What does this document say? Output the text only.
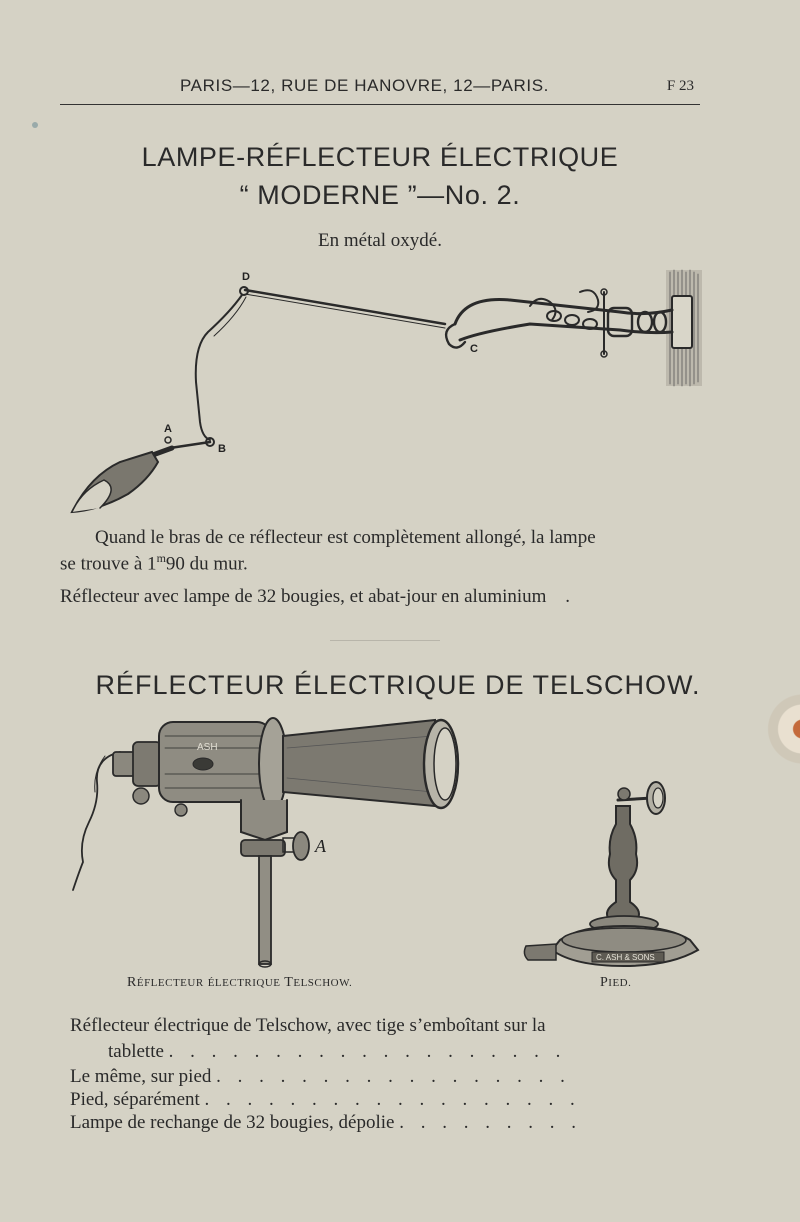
PARIS—12, RUE DE HANOVRE, 12—PARIS.	F 23
LAMPE-RÉFLECTEUR ÉLECTRIQUE
“ MODERNE ”—No. 2.
En métal oxydé.
D
C
A
B
Quand le bras de ce réflecteur est complètement allongé, la lampe
se trouve à 1$^m$90 du mur.
Réflecteur avec lampe de 32 bougies, et abat-jour en aluminium .
RÉFLECTEUR ÉLECTRIQUE DE TELSCHOW.
ASH
A
C. ASH & SONS
RÉFLECTEUR ÉLECTRIQUE TELSCHOW.	PIED.
Réflecteur électrique de Telschow, avec tige s’emboîtant sur la
tablette . . . . . . . . . . . . . . . . . . .
Le même, sur pied . . . . . . . . . . . . . . . . .
Pied, séparément . . . . . . . . . . . . . . . . . .
Lampe de rechange de 32 bougies, dépolie . . . . . . . . .
